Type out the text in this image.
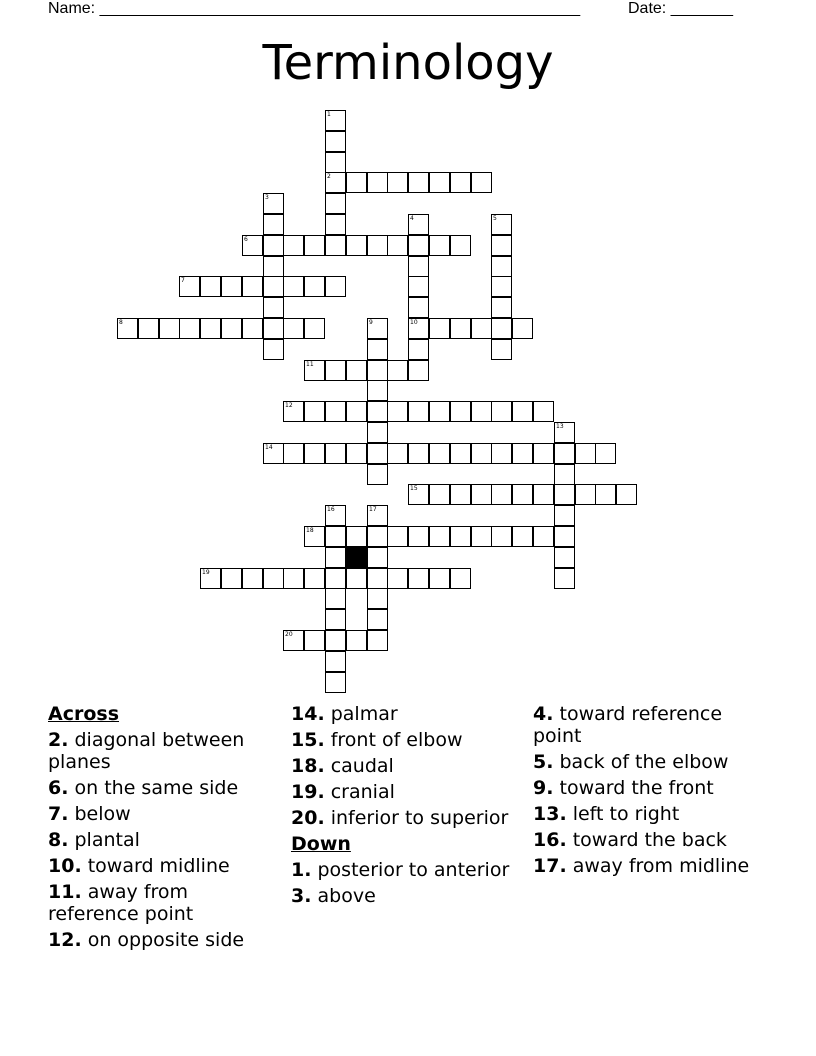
Name: ______________________________________________________	Date: _______
Terminology
1
2
3
4	5
6
7
8	9	10
11
12
13
14
15
16	17
18
19
20
Across
2. diagonal between planes
6. on the same side
7. below
8. plantal
10. toward midline
11. away from reference point
12. on opposite side
14. palmar
15. front of elbow
18. caudal
19. cranial
20. inferior to superior
Down
1. posterior to anterior
3. above
4. toward reference point
5. back of the elbow
9. toward the front
13. left to right
16. toward the back
17. away from midline
